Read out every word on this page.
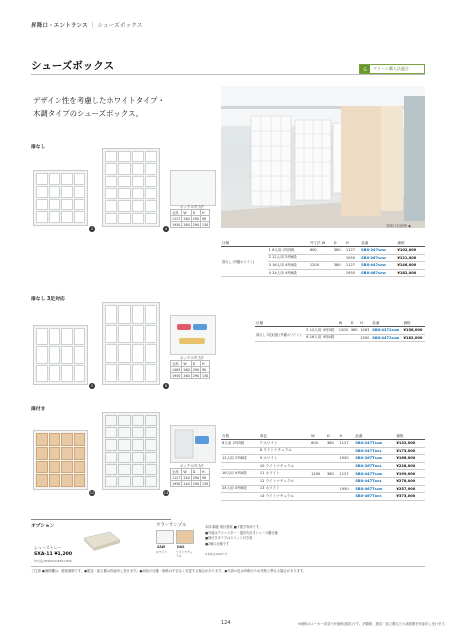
昇降口・エントランス ｜ シューズボックス
シューズボックス	G	グリーン購入法適合
デザイン性を考慮したホワイトタイプ・
木調タイプのシューズボックス。
昇降口収納例 ◆
扉なし
3	4
ボックス内寸法
全高	W	D	H
1127	260	290	90
1950	260	290	130
仕様		外寸法 W	D	H	品番	価格
扉なし (外観ホワイト)	1 6人用 2列3段	600	380	1127	SBX-247SAW	¥102,000
	2 12人用 2列6段			1950	SBX-267SAW	¥121,000
	3 16人用 4列4段	1200	380	1127	SBX-447SAW	¥146,000
	4 24人用 4列6段			1950	SBX-467SAW	¥182,000
扉なし 3足対応
5	6
ボックス内寸法
全高	W	D	H
1463	260	290	90
1950	260	290	130
仕様		W	D	H	品番	価格
扉なし 3足収納 (外観ホワイト)	5 12人用 4列3段	1200	380	1463	SBX-4372SAW	¥156,000
	6 16人用 4列4段			1950	SBX-4472SAW	¥182,000
扉付き
12	13
ボックス内寸法
全高	W	D	H
1127	240	290	90
1950	240	290	130
台数	扉色	W	D	H	品番	価格
6人用 2列3段	7 ホワイト	600	380	1127	SBX-247TSAW	¥132,000
	8 ライトナチュラル				SBX-247TDAS	¥173,000
12人用 2列6段	9 ホワイト			1950	SBX-267TSAW	¥166,000
	10 ライトナチュラル				SBX-267TDAS	¥228,000
16人用 4列4段	11 ホワイト	1200	380	1127	SBX-447TSAW	¥199,000
	12 ライトナチュラル				SBX-447TDAS	¥278,000
24人用 4列6段	13 ホワイト			1950	SBX-467TSAW	¥257,000
	14 ライトナチュラル				SBX-467TDAS	¥373,000
オプション
シューズトレー
SXA-11 ¥1,200
外寸法:W320×D330×H32
カラーサンプル
SAW	DAS
ホワイト	ライトナチュラル
本体:鋼板 焼付塗装 ■下置き専用です。
■外装はアジャスター・通気孔付きシューズ棚仕様
■扉付きタイプはスリット付き扉
■2個口仕様です
※本体はSAWです
ご注意 ●価格欄は、税抜価格です。●配送・組立費は別途申し受けます。●商品の仕様・価格は予告なく変更する場合があります。●写真の色は印刷のため実物と異なる場合があります。
124	※価格はメーカー希望小売価格(税抜)です。消費税、運送・組立費などの諸経費を別途申し受けます。
